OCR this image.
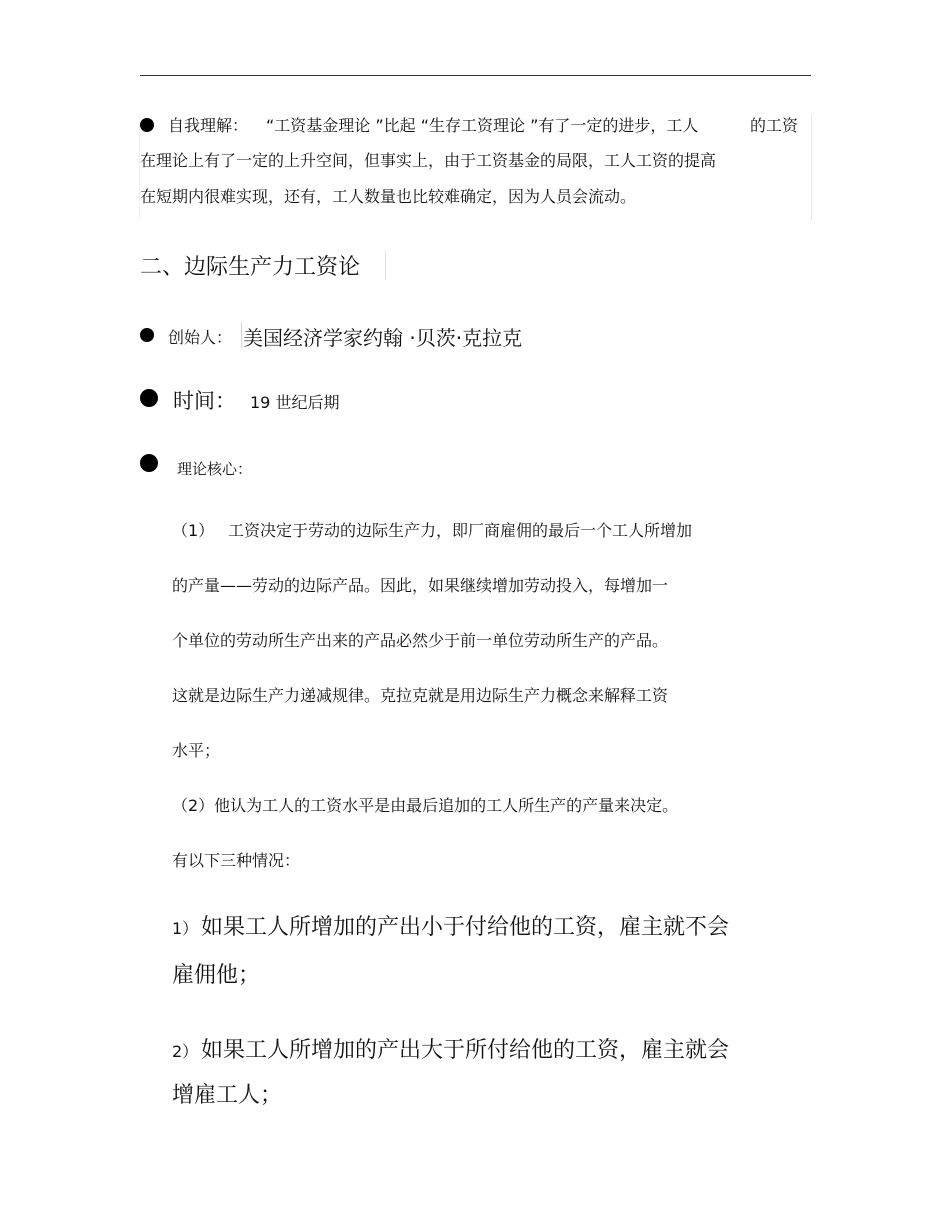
自我理解： “工资基金理论 ”比起 “生存工资理论 ”有了一定的进步，工人	的工资
在理论上有了一定的上升空间，但事实上，由于工资基金的局限，工人工资的提高
在短期内很难实现，还有，工人数量也比较难确定，因为人员会流动。
二、边际生产力工资论
创始人： 美国经济学家约翰 ·贝茨·克拉克
时间： 19 世纪后期
理论核心：
（1） 工资决定于劳动的边际生产力，即厂商雇佣的最后一个工人所增加
的产量——劳动的边际产品。因此，如果继续增加劳动投入，每增加一
个单位的劳动所生产出来的产品必然少于前一单位劳动所生产的产品。
这就是边际生产力递减规律。克拉克就是用边际生产力概念来解释工资
水平；
（2）他认为工人的工资水平是由最后追加的工人所生产的产量来决定。
有以下三种情况：
1） 如果工人所增加的产出小于付给他的工资，雇主就不会
雇佣他；
2） 如果工人所增加的产出大于所付给他的工资，雇主就会
增雇工人；
